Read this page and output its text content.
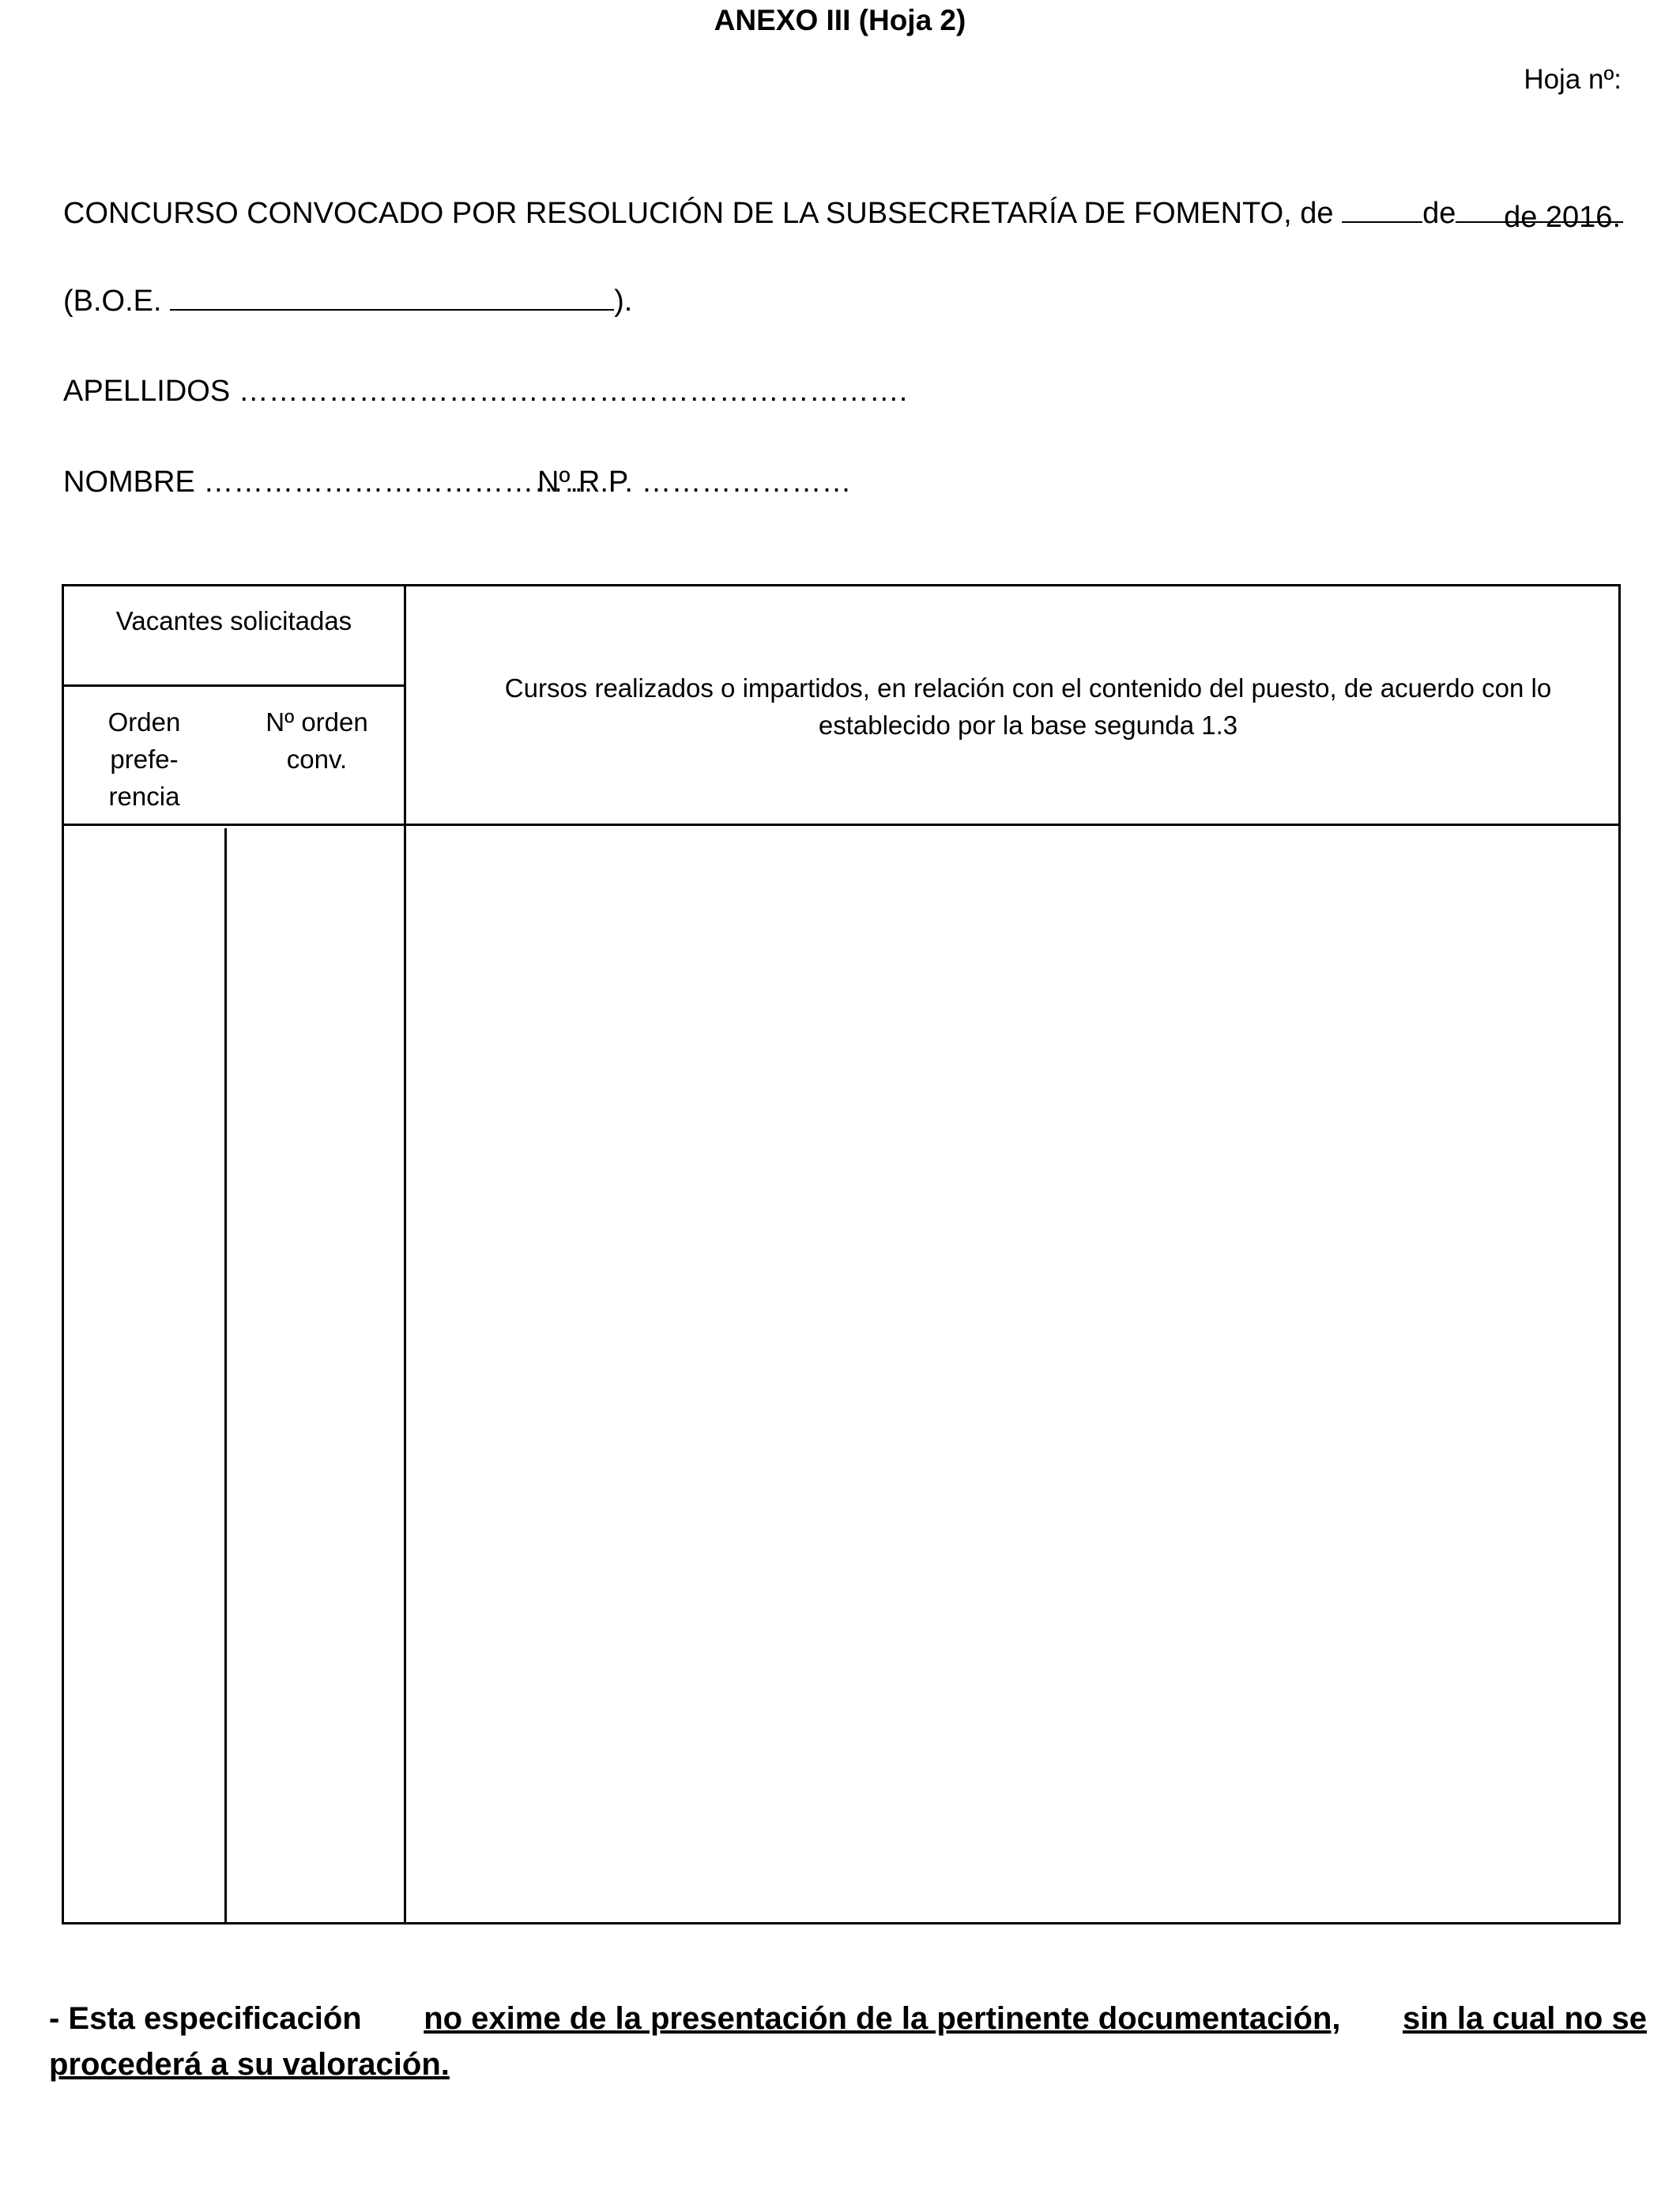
ANEXO III (Hoja 2)
Hoja nº:
CONCURSO CONVOCADO POR RESOLUCIÓN DE LA SUBSECRETARÍA DE FOMENTO, de	de	de 2016.
(B.O.E.	).
APELLIDOS ………………………………………………………….
NOMBRE …………………………………
Nº.R.P. …………………
Vacantes solicitadas
Orden prefe- rencia
Nº orden conv.
Cursos realizados o impartidos, en relación con el contenido del puesto, de acuerdo con lo establecido por la base segunda 1.3
- Esta especificación no exime de la presentación de la pertinente documentación, sin la cual no se
procederá a su valoración.
